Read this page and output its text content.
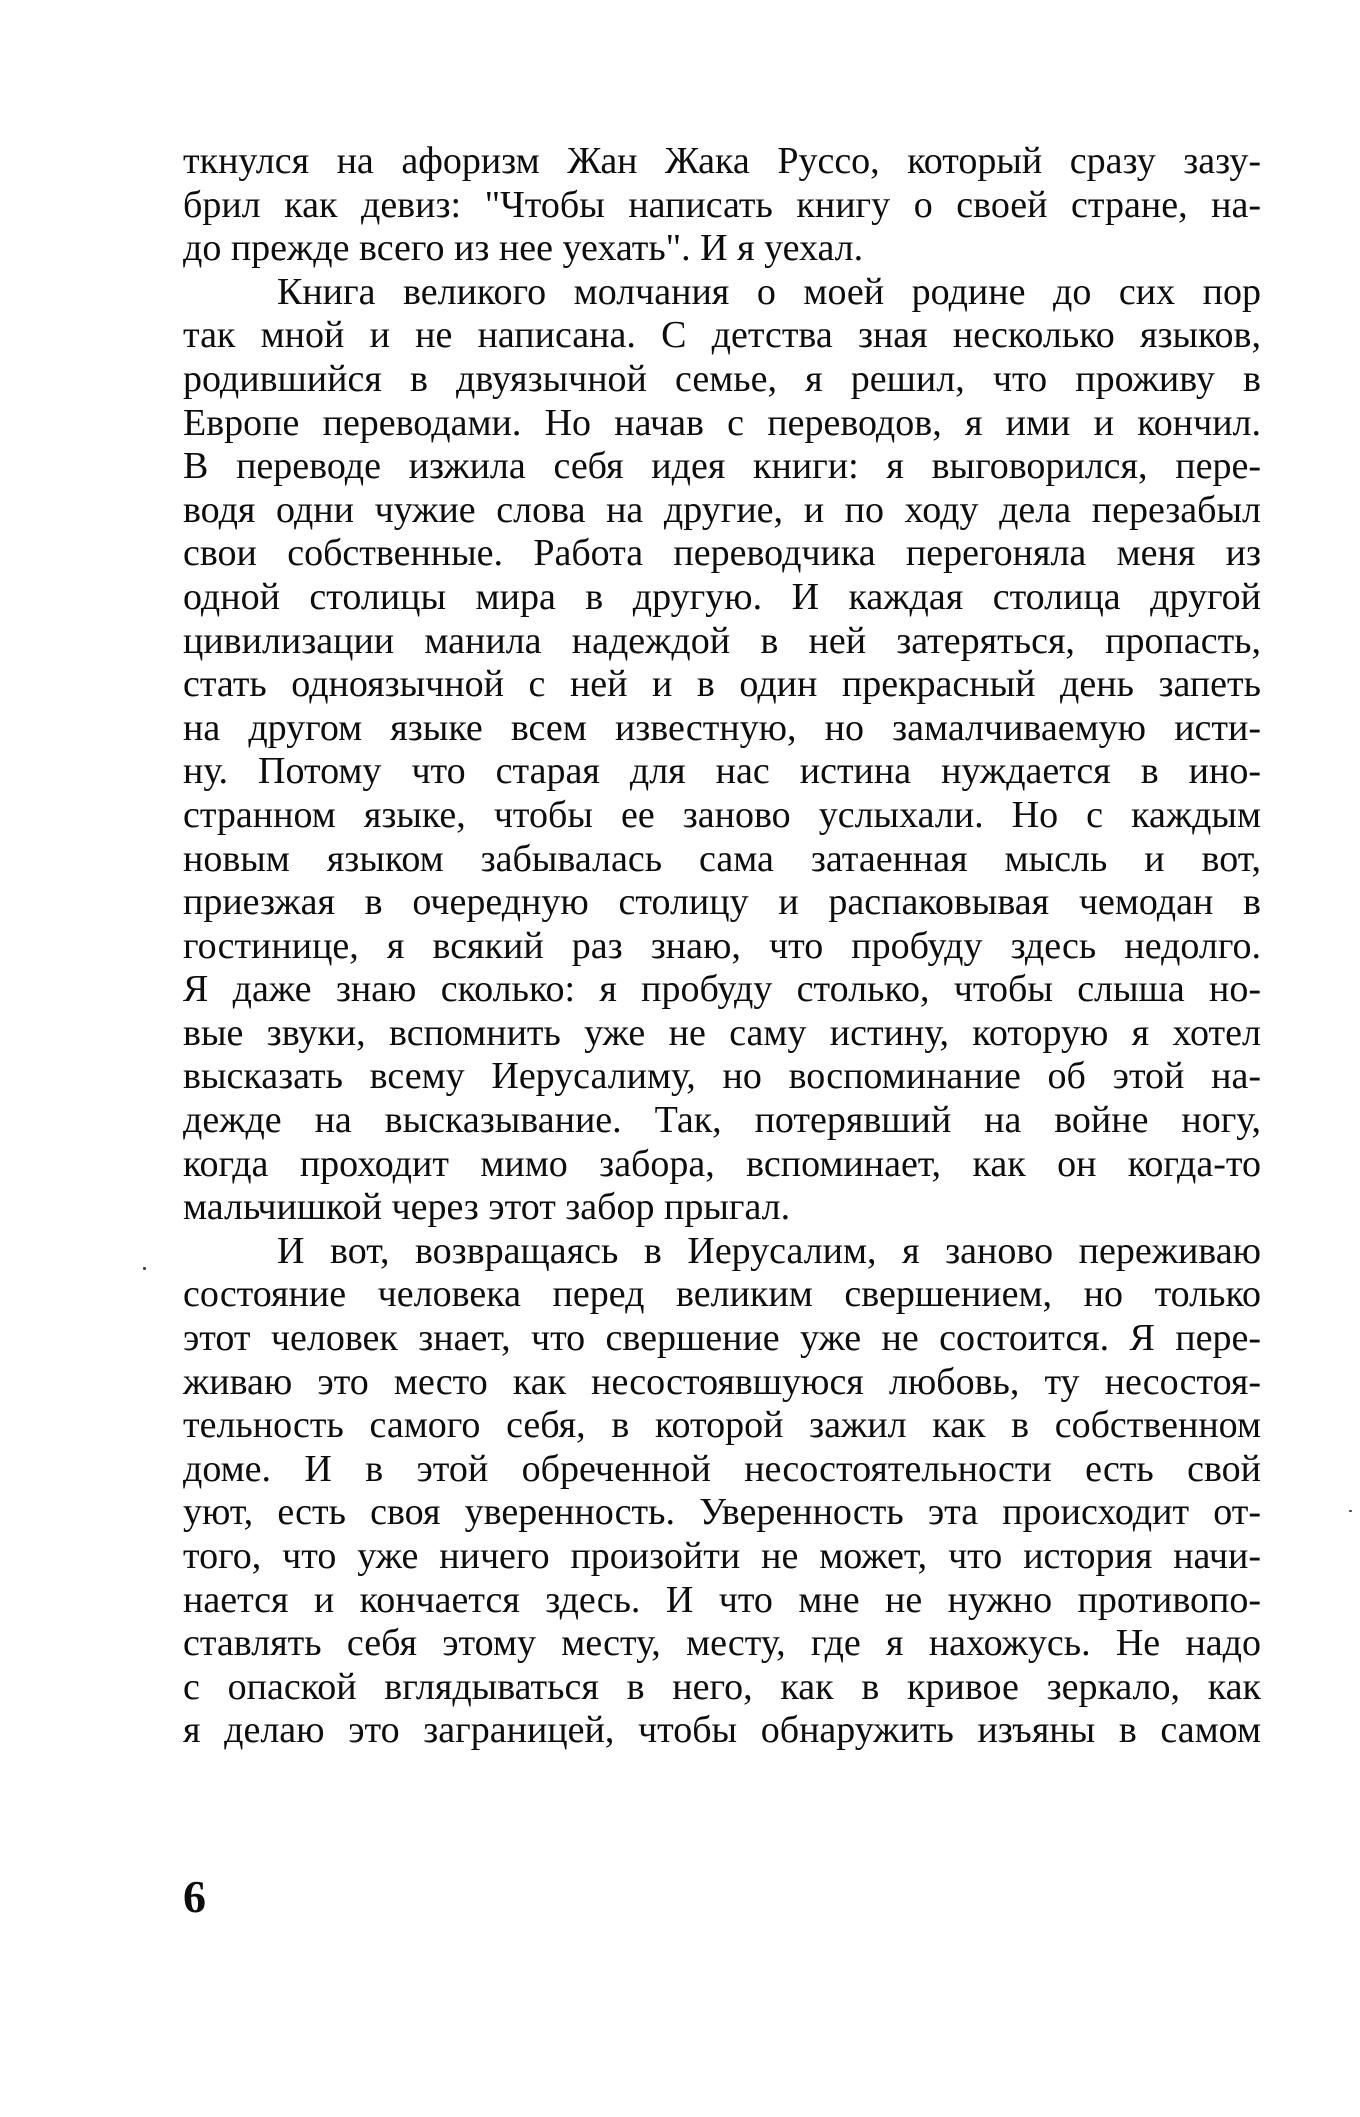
ткнулся на афоризм Жан Жака Руссо, который сразу зазу-
брил как девиз: "Чтобы написать книгу о своей стране, на-
до прежде всего из нее уехать". И я уехал.
Книга великого молчания о моей родине до сих пор
так мной и не написана. С детства зная несколько языков,
родившийся в двуязычной семье, я решил, что проживу в
Европе переводами. Но начав с переводов, я ими и кончил.
В переводе изжила себя идея книги: я выговорился, пере-
водя одни чужие слова на другие, и по ходу дела перезабыл
свои собственные. Работа переводчика перегоняла меня из
одной столицы мира в другую. И каждая столица другой
цивилизации манила надеждой в ней затеряться, пропасть,
стать одноязычной с ней и в один прекрасный день запеть
на другом языке всем известную, но замалчиваемую исти-
ну. Потому что старая для нас истина нуждается в ино-
странном языке, чтобы ее заново услыхали. Но с каждым
новым языком забывалась сама затаенная мысль и вот,
приезжая в очередную столицу и распаковывая чемодан в
гостинице, я всякий раз знаю, что пробуду здесь недолго.
Я даже знаю сколько: я пробуду столько, чтобы слыша но-
вые звуки, вспомнить уже не саму истину, которую я хотел
высказать всему Иерусалиму, но воспоминание об этой на-
дежде на высказывание. Так, потерявший на войне ногу,
когда проходит мимо забора, вспоминает, как он когда-то
мальчишкой через этот забор прыгал.
И вот, возвращаясь в Иерусалим, я заново переживаю
состояние человека перед великим свершением, но только
этот человек знает, что свершение уже не состоится. Я пере-
живаю это место как несостоявшуюся любовь, ту несостоя-
тельность самого себя, в которой зажил как в собственном
доме. И в этой обреченной несостоятельности есть свой
уют, есть своя уверенность. Уверенность эта происходит от-
того, что уже ничего произойти не может, что история начи-
нается и кончается здесь. И что мне не нужно противопо-
ставлять себя этому месту, месту, где я нахожусь. Не надо
с опаской вглядываться в него, как в кривое зеркало, как
я делаю это заграницей, чтобы обнаружить изъяны в самом
6
